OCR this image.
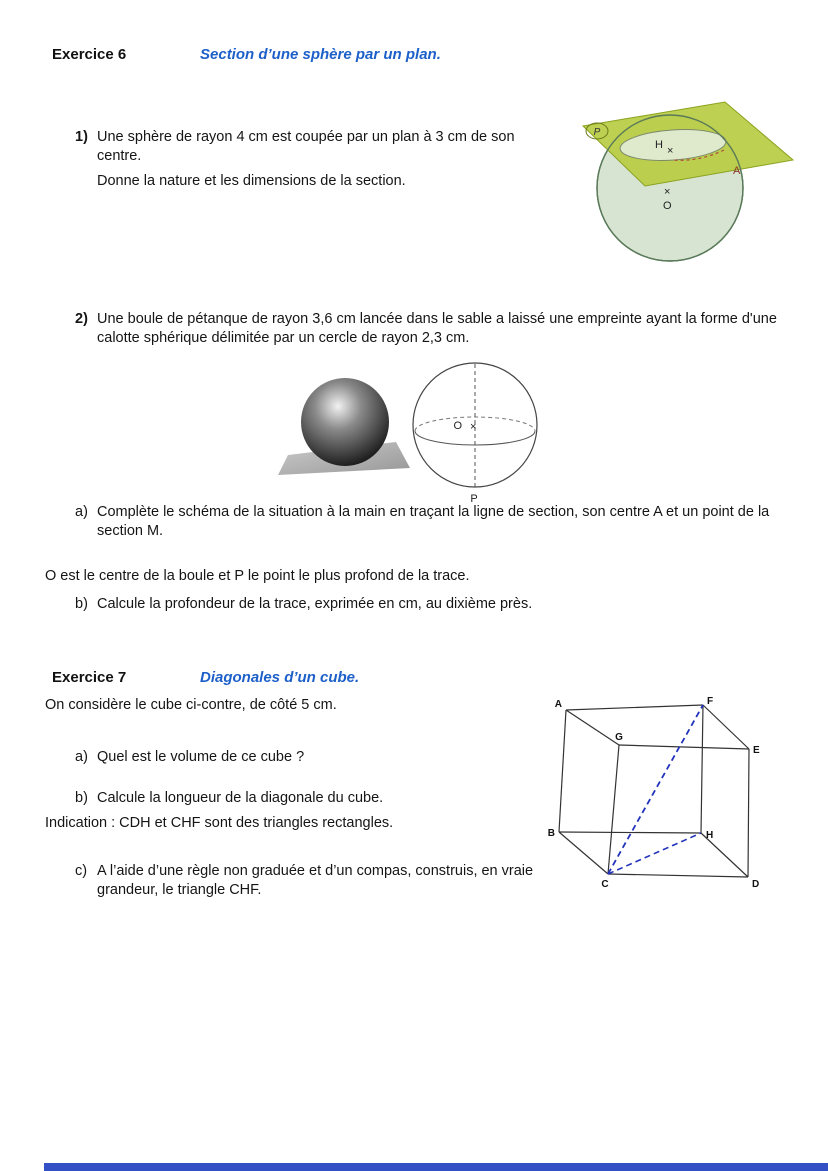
Exercice 6	Section d’une sphère par un plan.
1) Une sphère de rayon 4 cm est coupée par un plan à 3 cm de son centre.
Donne la nature et les dimensions de la section.
P
H ×
A
×
O
2) Une boule de pétanque de rayon 3,6 cm lancée dans le sable a laissé une empreinte ayant la forme d'une calotte sphérique délimitée par un cercle de rayon 2,3 cm.
O ×
P
a) Complète le schéma de la situation à la main en traçant la ligne de section, son centre A et un point de la section M.
O est le centre de la boule et P le point le plus profond de la trace.
b) Calcule la profondeur de la trace, exprimée en cm, au dixième près.
Exercice 7	Diagonales d’un cube.
On considère le cube ci-contre, de côté 5 cm.
a) Quel est le volume de ce cube ?
b) Calcule la longueur de la diagonale du cube.
Indication : CDH et CHF sont des triangles rectangles.
c) A l’aide d’une règle non graduée et d’un compas, construis, en vraie grandeur, le triangle CHF.
A	F
G
E
B	H
C	D
